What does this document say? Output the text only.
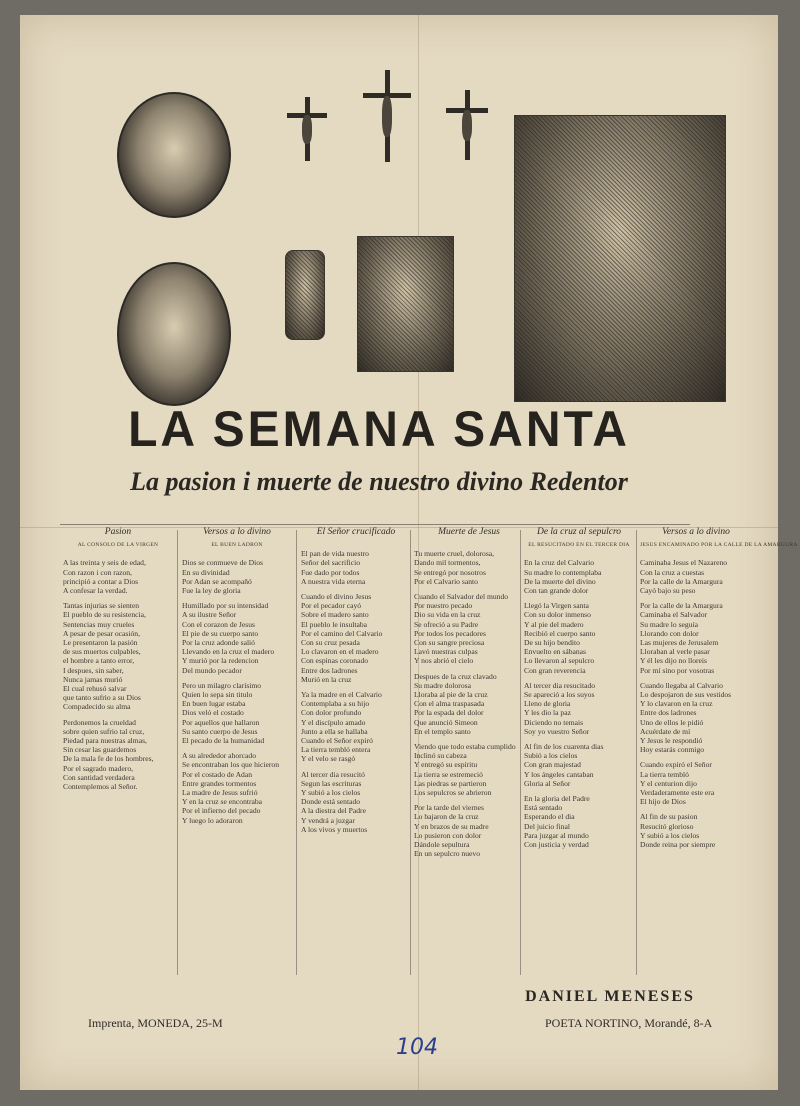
LA SEMANA SANTA
La pasion i muerte de nuestro divino Redentor
Pasion
AL CONSOLO DE LA VIRGEN
A las treinta y seis de edad,
Con razon i con razon,
principió a contar a Dios
A confesar la verdad.
Tantas injurias se sienten
El pueblo de su resistencia,
Sentencias muy crueles
A pesar de pesar ocasión,
Le presentaron la pasión
de sus muertos culpables,
el hombre a tanto error,
I despues, sin saber,
Nunca jamas murió
El cual rehusó salvar
que tanto sufrio a su Dios
Compadecido su alma
Perdonemos la crueldad
sobre quien sufrio tal cruz,
Piedad para nuestras almas,
Sin cesar las guardemos
De la mala fe de los hombres,
Por el sagrado madero,
Con santidad verdadera
Contemplemos al Señor.
Versos a lo divino
EL BUEN LADRON
Dios se conmueve de Dios
En su divinidad
Por Adan se acompañó
Fue la ley de gloria
Humillado por su intensidad
A su ilustre Señor
Con el corazon de Jesus
El pie de su cuerpo santo
Por la cruz adonde salió
Llevando en la cruz el madero
Y murió por la redencion
Del mundo pecador
Pero un milagro clarísimo
Quien lo sepa sin titulo
En buen lugar estaba
Dios veló el costado
Por aquellos que hallaron
Su santo cuerpo de Jesus
El pecado de la humanidad
A su alrededor ahorcado
Se encontraban los que hicieron
Por el costado de Adan
Entre grandes tormentos
La madre de Jesus sufrió
Y en la cruz se encontraba
Por el infierno del pecado
Y luego lo adoraron
El Señor crucificado
El pan de vida nuestro
Señor del sacrificio
Fue dado por todos
A nuestra vida eterna
Cuando el divino Jesus
Por el pecador cayó
Sobre el madero santo
El pueblo le insultaba
Por el camino del Calvario
Con su cruz pesada
Lo clavaron en el madero
Con espinas coronado
Entre dos ladrones
Murió en la cruz
Ya la madre en el Calvario
Contemplaba a su hijo
Con dolor profundo
Y el discípulo amado
Junto a ella se hallaba
Cuando el Señor expiró
La tierra tembló entera
Y el velo se rasgó
Al tercer dia resucitó
Segun las escrituras
Y subió a los cielos
Donde está sentado
A la diestra del Padre
Y vendrá a juzgar
A los vivos y muertos
Muerte de Jesus
Tu muerte cruel, dolorosa,
Dando mil tormentos,
Se entregó por nosotros
Por el Calvario santo
Cuando el Salvador del mundo
Por nuestro pecado
Dio su vida en la cruz
Se ofreció a su Padre
Por todos los pecadores
Con su sangre preciosa
Lavó nuestras culpas
Y nos abrió el cielo
Despues de la cruz clavado
Su madre dolorosa
Lloraba al pie de la cruz
Con el alma traspasada
Por la espada del dolor
Que anunció Simeon
En el templo santo
Viendo que todo estaba cumplido
Inclinó su cabeza
Y entregó su espíritu
La tierra se estremeció
Las piedras se partieron
Los sepulcros se abrieron
Por la tarde del viernes
Lo bajaron de la cruz
Y en brazos de su madre
Lo pusieron con dolor
Dándole sepultura
En un sepulcro nuevo
De la cruz al sepulcro
EL RESUCITADO EN EL TERCER DIA
En la cruz del Calvario
Su madre lo contemplaba
De la muerte del divino
Con tan grande dolor
Llegó la Virgen santa
Con su dolor inmenso
Y al pie del madero
Recibió el cuerpo santo
De su hijo bendito
Envuelto en sábanas
Lo llevaron al sepulcro
Con gran reverencia
Al tercer dia resucitado
Se apareció a los suyos
Lleno de gloria
Y les dio la paz
Diciendo no temais
Soy yo vuestro Señor
Al fin de los cuarenta dias
Subió a los cielos
Con gran majestad
Y los ángeles cantaban
Gloria al Señor
En la gloria del Padre
Está sentado
Esperando el dia
Del juicio final
Para juzgar al mundo
Con justicia y verdad
Versos a lo divino
JESUS ENCAMINADO POR LA CALLE DE LA AMARGURA
Caminaba Jesus el Nazareno
Con la cruz a cuestas
Por la calle de la Amargura
Cayó bajo su peso
Por la calle de la Amargura
Caminaba el Salvador
Su madre lo seguía
Llorando con dolor
Las mujeres de Jerusalem
Lloraban al verle pasar
Y él les dijo no lloreis
Por mí sino por vosotras
Cuando llegaba al Calvario
Lo despojaron de sus vestidos
Y lo clavaron en la cruz
Entre dos ladrones
Uno de ellos le pidió
Acuérdate de mí
Y Jesus le respondió
Hoy estarás conmigo
Cuando expiró el Señor
La tierra tembló
Y el centurion dijo
Verdaderamente este era
El hijo de Dios
Al fin de su pasion
Resucitó glorioso
Y subió a los cielos
Donde reina por siempre
DANIEL MENESES
Imprenta, MONEDA, 25-M	POETA NORTINO, Morandé, 8-A
104
